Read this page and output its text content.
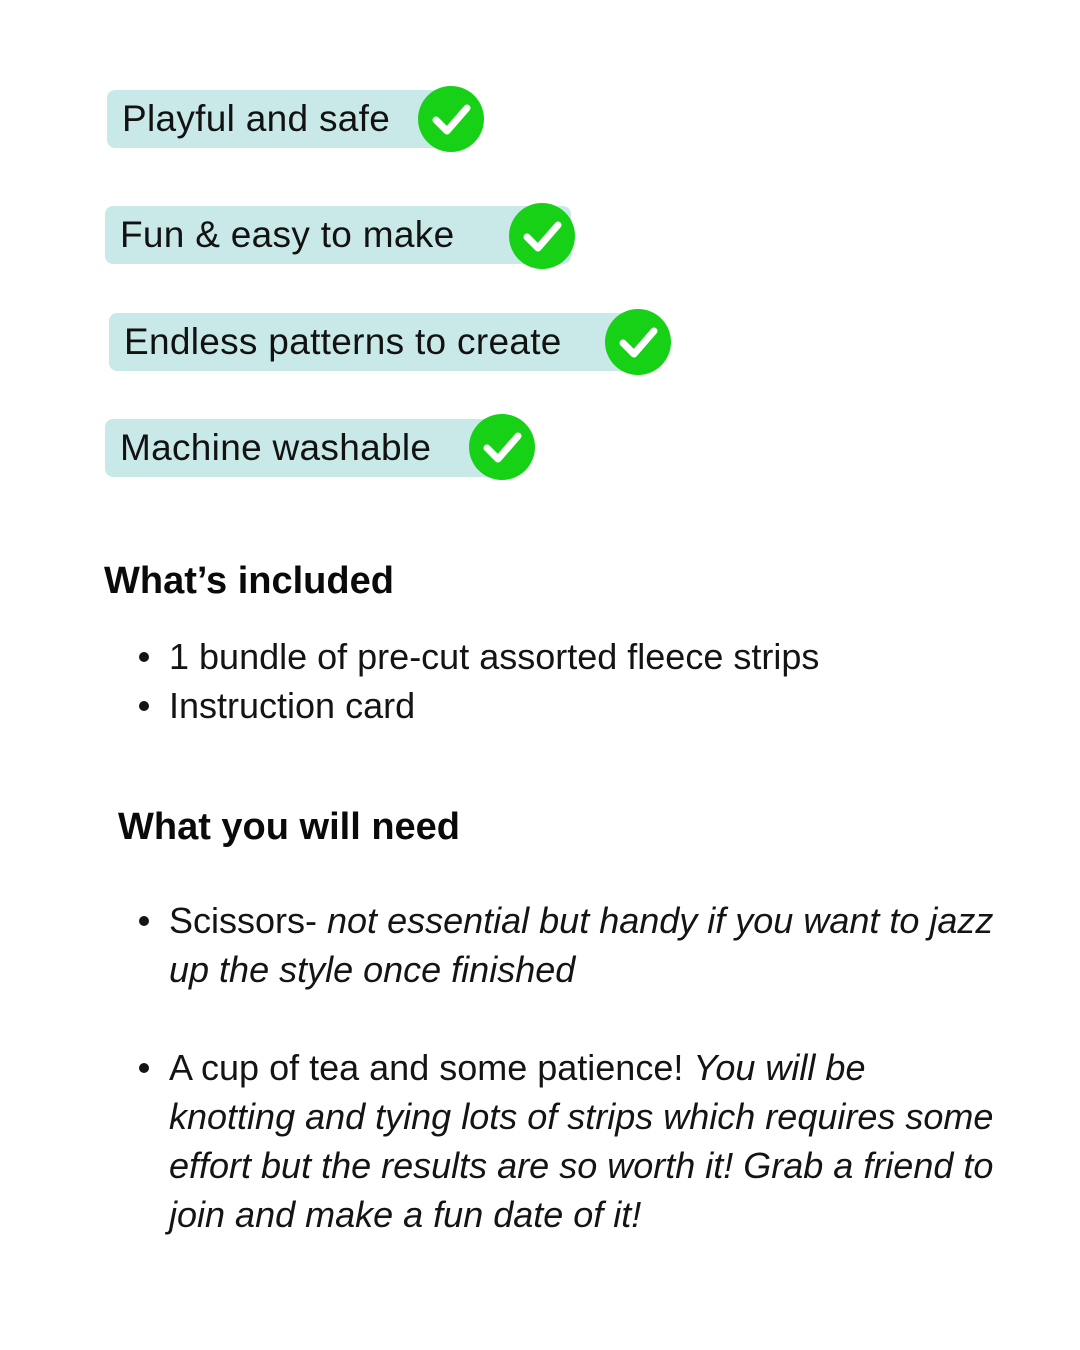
Playful and safe
Fun & easy to make
Endless patterns to create
Machine washable
What’s included
1 bundle of pre-cut assorted fleece strips
Instruction card
What you will need
Scissors- not essential but handy if you want to jazz up the style once finished
A cup of tea and some patience! You will be knotting and tying lots of strips which requires some effort but the results are so worth it! Grab a friend to join and make a fun date of it!
